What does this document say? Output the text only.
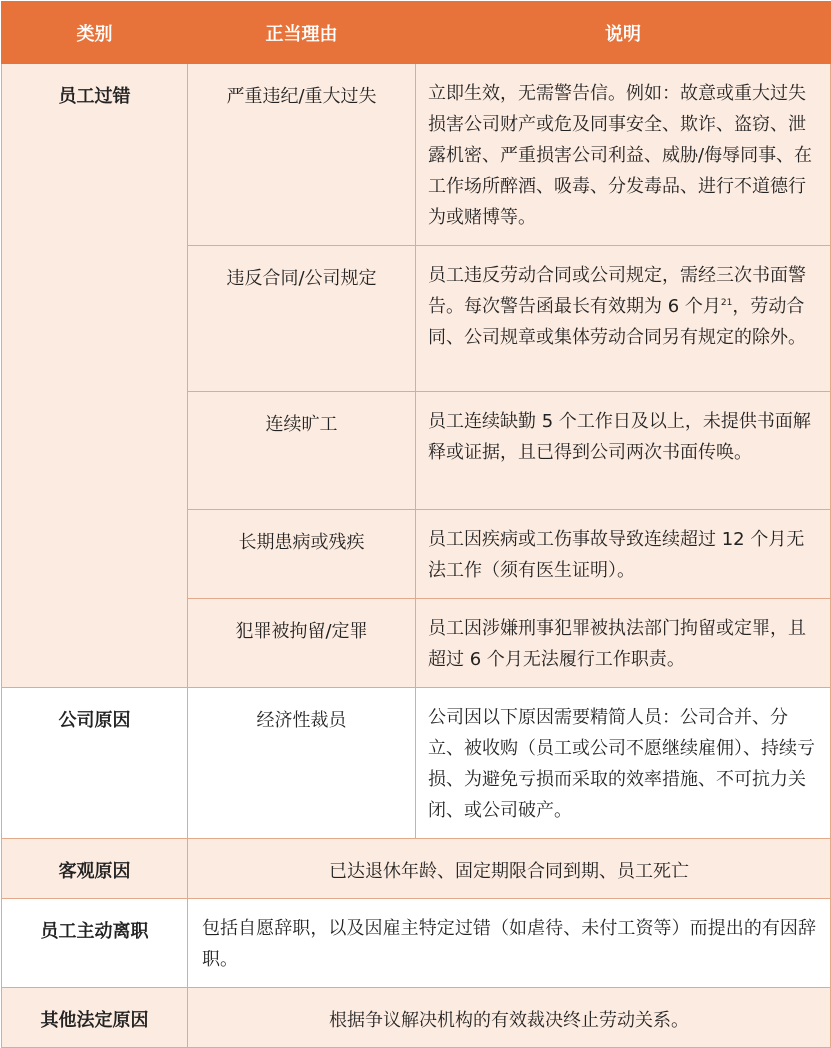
类别	正当理由	说明
员工过错	严重违纪/重大过失	立即生效，无需警告信。例如：故意或重大过失损害公司财产或危及同事安全、欺诈、盗窃、泄露机密、严重损害公司利益、威胁/侮辱同事、在工作场所醉酒、吸毒、分发毒品、进行不道德行为或赌博等。
	违反合同/公司规定	员工违反劳动合同或公司规定，需经三次书面警告。每次警告函最长有效期为 6 个月$^{21}$，劳动合同、公司规章或集体劳动合同另有规定的除外。
	连续旷工	员工连续缺勤 5 个工作日及以上，未提供书面解释或证据，且已得到公司两次书面传唤。
	长期患病或残疾	员工因疾病或工伤事故导致连续超过 12 个月无法工作（须有医生证明）。
	犯罪被拘留/定罪	员工因涉嫌刑事犯罪被执法部门拘留或定罪，且超过 6 个月无法履行工作职责。
公司原因	经济性裁员	公司因以下原因需要精简人员：公司合并、分立、被收购（员工或公司不愿继续雇佣）、持续亏损、为避免亏损而采取的效率措施、不可抗力关闭、或公司破产。
客观原因	已达退休年龄、固定期限合同到期、员工死亡	
员工主动离职	包括自愿辞职，以及因雇主特定过错（如虐待、未付工资等）而提出的有因辞职。	
其他法定原因	根据争议解决机构的有效裁决终止劳动关系。	
